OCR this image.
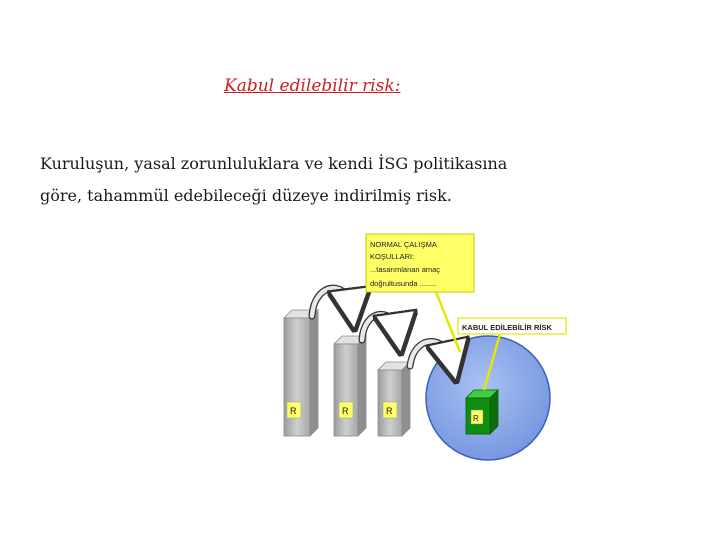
Kabul edilebilir risk:
Kuruluşun, yasal zorunluluklara ve kendi İSG politikasına
göre, tahammül edebileceği düzeye indirilmiş risk.
R	R	R
R
NORMAL ÇALIŞMA
KOŞULLARI:
...tasarımlanan amaç
doğrultusunda ........
KABUL EDİLEBİLİR RİSK
